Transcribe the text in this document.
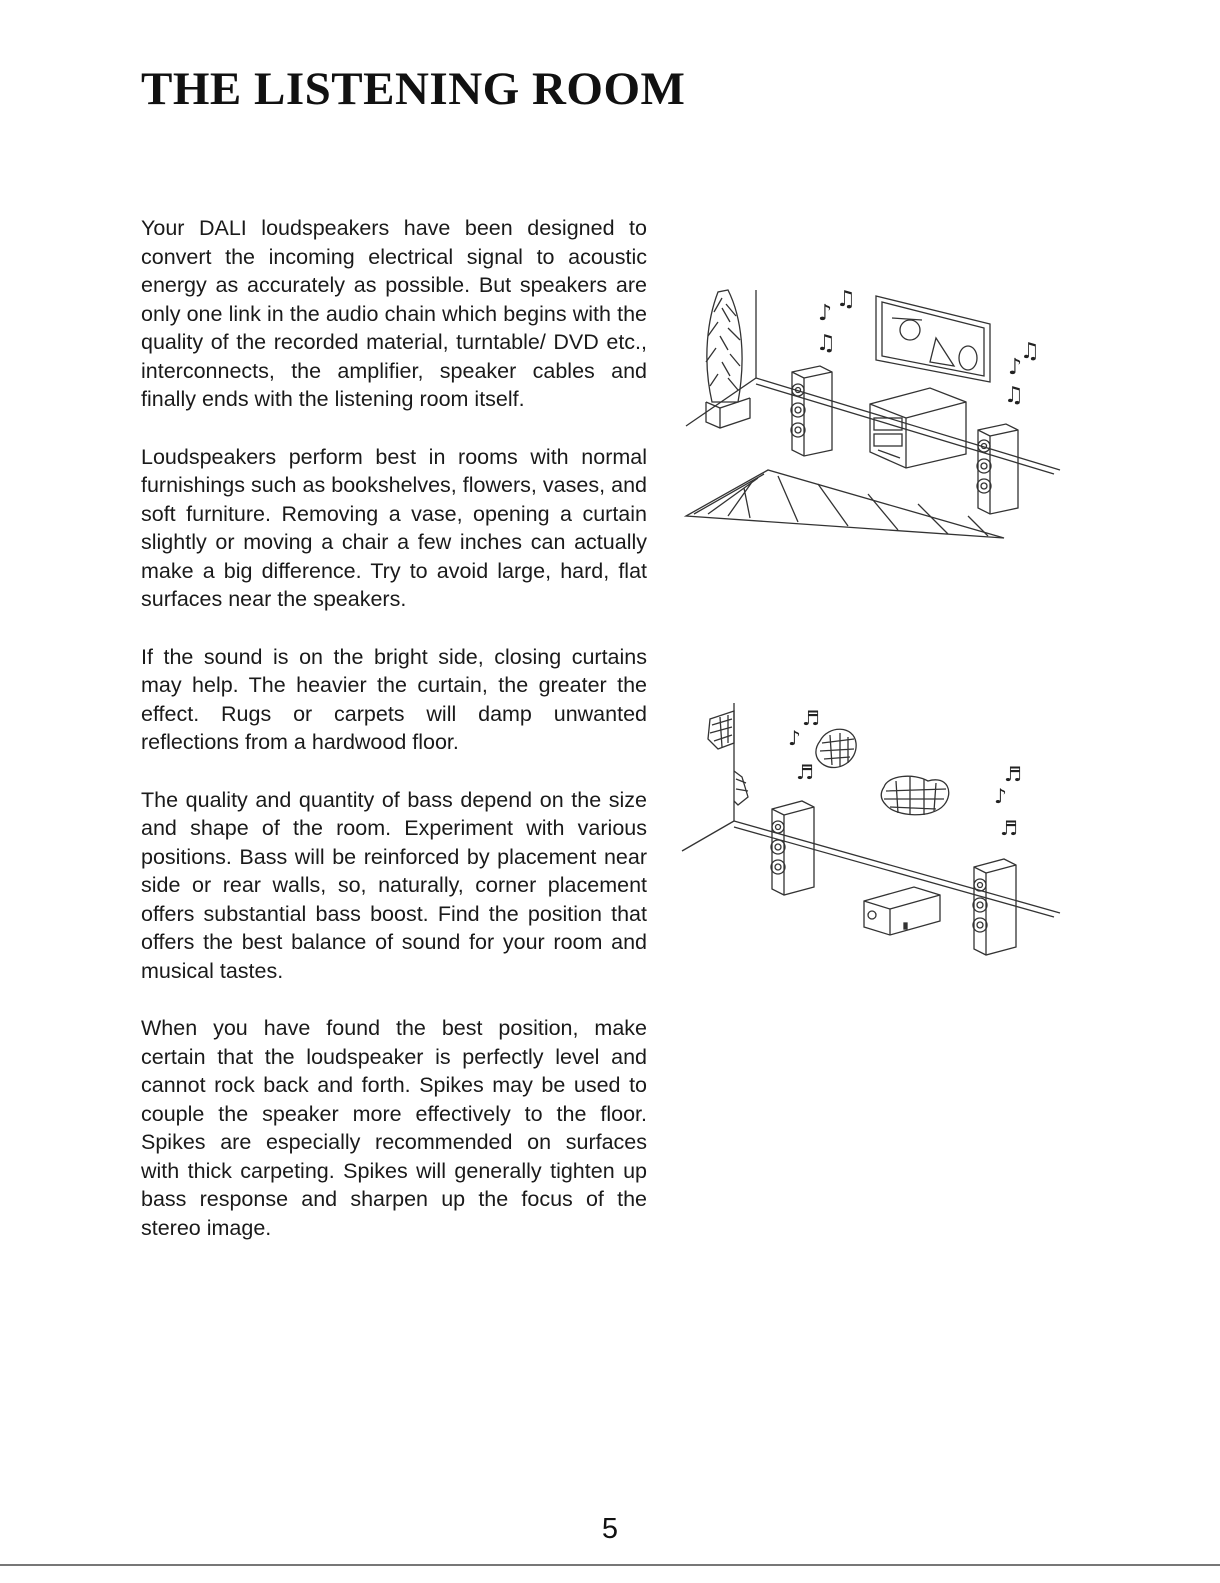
THE LISTENING ROOM

Your DALI loudspeakers have been designed to convert the incoming electrical signal to acoustic energy as accurately as possible. But speakers are only one link in the audio chain which begins with the quality of the recorded material, turntable/ DVD etc., interconnects, the amplifier, speaker cables and finally ends with the listening room itself.

Loudspeakers perform best in rooms with normal furnishings such as bookshelves, flowers, vases, and soft furniture. Removing a vase, opening a curtain slightly or moving a chair a few inches can actually make a big difference. Try to avoid large, hard, flat surfaces near the speakers.

If the sound is on the bright side, closing curtains may help. The heavier the curtain, the greater the effect. Rugs or carpets will damp unwanted reflections from a hardwood floor.

The quality and quantity of bass depend on the size and shape of the room. Experiment with various positions. Bass will be reinforced by placement near side or rear walls, so, naturally, corner placement offers substantial bass boost. Find the position that offers the best balance of sound for your room and musical tastes.

When you have found the best position, make certain that the loudspeaker is perfectly level and cannot rock back and forth. Spikes may be used to couple the speaker more effectively to the floor. Spikes are especially recommended on surfaces with thick carpeting. Spikes will generally tighten up bass response and sharpen up the focus of the stereo image.

♫
♪
♫	♫
♪
♫
♬
♪
♬	♬
♪
♬
5
